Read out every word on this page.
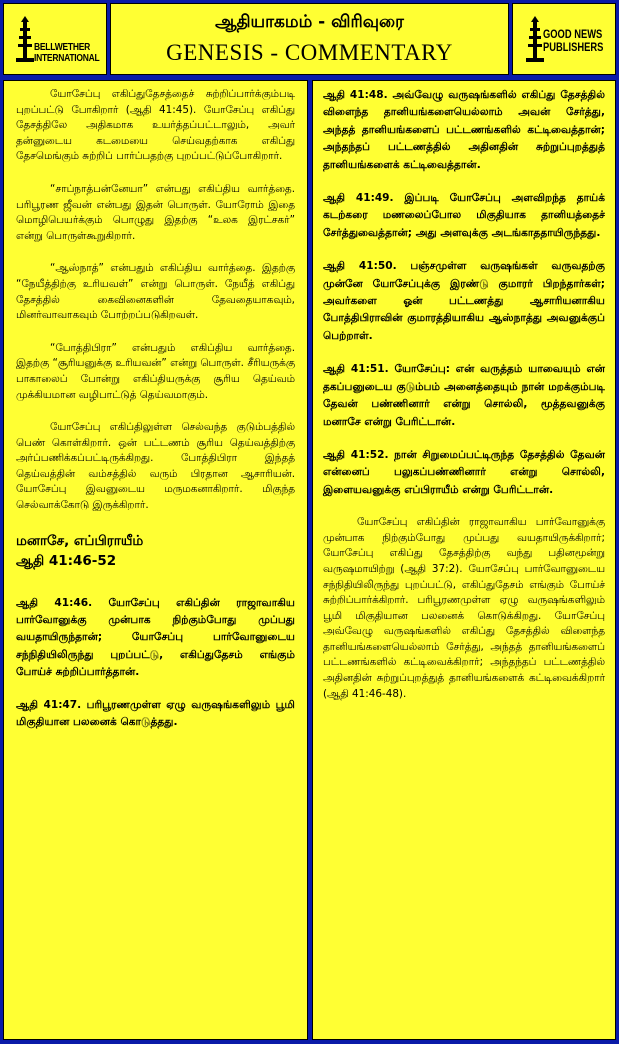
BELLWETHER INTERNATIONAL
ஆதியாகமம் - விரிவுரை
GENESIS - COMMENTARY
GOOD NEWS PUBLISHERS

யோசேப்பு எகிப்துதேசத்தைச் சுற்றிப்பார்க்கும்படி புறப்பட்டு போகிறார் (ஆதி 41:45). யோசேப்பு எகிப்து தேசத்திலே அதிகமாக உயர்த்தப்பட்டாலும், அவர் தன்னுடைய கடமையை செய்வதற்காக எகிப்து தேசமெங்கும் சுற்றிப் பார்ப்பதற்கு புறப்பட்டுப்போகிறார்.

“சாப்நாத்பன்னேயா” என்பது எகிப்திய வார்த்தை. பரிபூரண ஜீவன் என்பது இதன் பொருள். யோரோம் இதை மொழிபெயர்க்கும் பொழுது இதற்கு “உலக இரட்சகர்” என்று பொருள்கூறுகிறார்.

“ஆஸ்நாத்” என்பதும் எகிப்திய வார்த்தை. இதற்கு “நேயீத்திற்கு உரியவள்” என்று பொருள். நேயீத் எகிப்து தேசத்தில் கைவினைகளின் தேவதையாகவும், மினர்வாவாகவும் போற்றப்படுகிறவள்.

“போத்திபிரா” என்பதும் எகிப்திய வார்த்தை. இதற்கு “சூரியனுக்கு உரியவன்” என்று பொருள். சீரியருக்கு பாகாலைப் போன்று எகிப்தியருக்கு சூரிய தெய்வம் முக்கியமான வழிபாட்டுத் தெய்வமாகும்.

யோசேப்பு எகிப்திலுள்ள செல்வந்த குடும்பத்தில் பெண் கொள்கிறார். ஒன் பட்டணம் சூரிய தெய்வத்திற்கு அர்ப்பணிக்கப்பட்டிருக்கிறது. போத்திபிரா இந்தத் தெய்வத்தின் வம்சத்தில் வரும் பிரதான ஆசாரியன். யோசேப்பு இவனுடைய மருமகனாகிறார். மிகுந்த செல்வாக்கோடு இருக்கிறார்.

மனாசே, எப்பிராயீம்
ஆதி 41:46-52

ஆதி 41:46. யோசேப்பு எகிப்தின் ராஜாவாகிய பார்வோனுக்கு முன்பாக நிற்கும்போது முப்பது வயதாயிருந்தான்; யோசேப்பு பார்வோனுடைய சந்நிதியிலிருந்து புறப்பட்டு, எகிப்துதேசம் எங்கும் போய்ச் சுற்றிப்பார்த்தான்.

ஆதி 41:47. பரிபூரணமுள்ள ஏழு வருஷங்களிலும் பூமி மிகுதியான பலனைக் கொடுத்தது.

ஆதி 41:48. அவ்வேழு வருஷங்களில் எகிப்து தேசத்தில் விளைந்த தானியங்களையெல்லாம் அவன் சேர்த்து, அந்தத் தானியங்களைப் பட்டணங்களில் கட்டிவைத்தான்; அந்தந்தப் பட்டணத்தில் அதினதின் சுற்றுப்புறத்துத் தானியங்களைக் கட்டிவைத்தான்.

ஆதி 41:49. இப்படி யோசேப்பு அளவிறந்த தாய்க் கடற்கரை மணலைப்போல மிகுதியாக தானியத்தைச் சேர்த்துவைத்தான்; அது அளவுக்கு அடங்காததாயிருந்தது.

ஆதி 41:50. பஞ்சமுள்ள வருஷங்கள் வருவதற்கு முன்னே யோசேப்புக்கு இரண்டு குமாரர் பிறந்தார்கள்; அவர்களை ஓன் பட்டணத்து ஆசாரியனாகிய போத்திபிராவின் குமாரத்தியாகிய ஆஸ்நாத்து அவனுக்குப் பெற்றாள்.

ஆதி 41:51. யோசேப்பு: என் வருத்தம் யாவையும் என் தகப்பனுடைய குடும்பம் அனைத்தையும் நான் மறக்கும்படி தேவன் பண்ணினார் என்று சொல்லி, மூத்தவனுக்கு மனாசே என்று பேரிட்டான்.

ஆதி 41:52. நான் சிறுமைப்பட்டிருந்த தேசத்தில் தேவன் என்னைப் பலுகப்பண்ணினார் என்று சொல்லி, இளையவனுக்கு எப்பிராயீம் என்று பேரிட்டான்.

யோசேப்பு எகிப்தின் ராஜாவாகிய பார்வோனுக்கு முன்பாக நிற்கும்போது முப்பது வயதாயிருக்கிறார்; யோசேப்பு எகிப்து தேசத்திற்கு வந்து பதினமூன்று வருஷமாயிற்று (ஆதி 37:2). யோசேப்பு பார்வோனுடைய சந்நிதியிலிருந்து புறப்பட்டு, எகிப்துதேசம் எங்கும் போய்ச் சுற்றிப்பார்க்கிறார். பரிபூரணமுள்ள ஏழு வருஷங்களிலும் பூமி மிகுதியான பலனைக் கொடுக்கிறது. யோசேப்பு அவ்வேழு வருஷங்களில் எகிப்து தேசத்தில் விளைந்த தானியங்களையெல்லாம் சேர்த்து, அந்தத் தானியங்களைப் பட்டணங்களில் கட்டிவைக்கிறார்; அந்தந்தப் பட்டணத்தில் அதினதின் சுற்றுப்புறத்துத் தானியங்களைக் கட்டிவைக்கிறார் (ஆதி 41:46-48).
